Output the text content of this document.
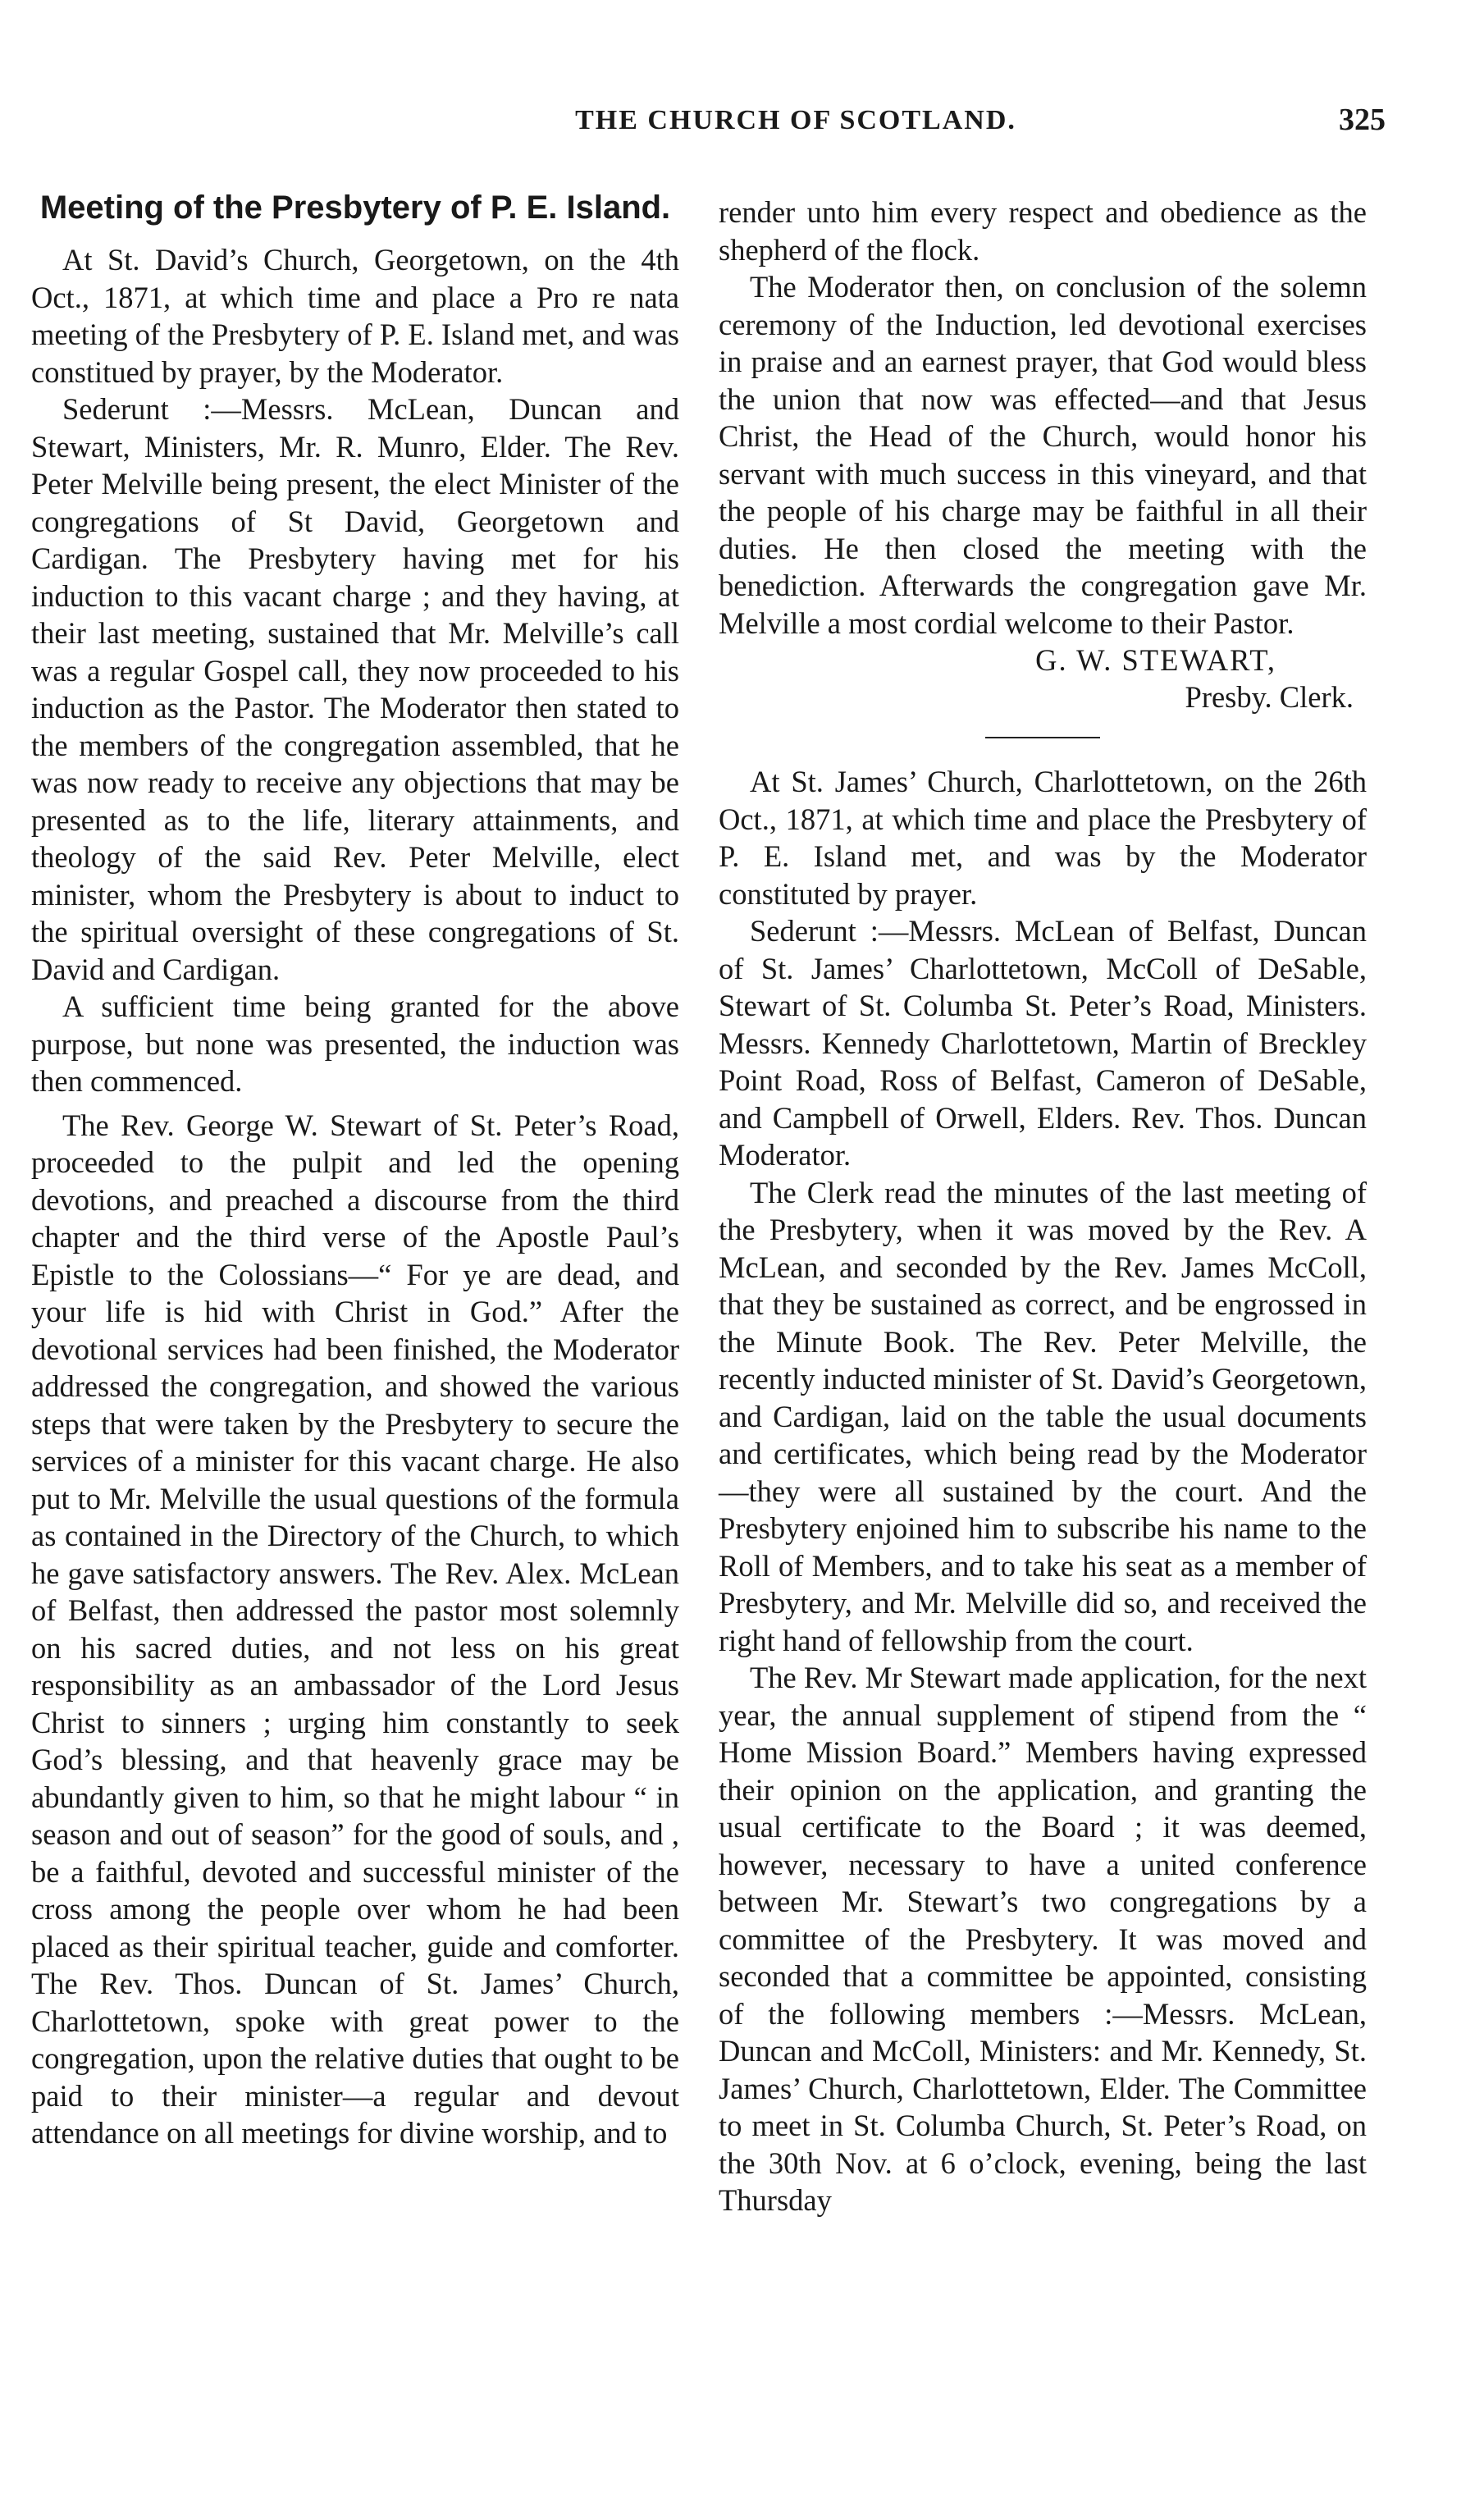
THE CHURCH OF SCOTLAND.	325
Meeting of the Presbytery of P. E. Island.

At St. David’s Church, Georgetown, on the 4th Oct., 1871, at which time and place a Pro re nata meeting of the Presbytery of P. E. Island met, and was constitued by prayer, by the Moderator.

Sederunt :—Messrs. McLean, Duncan and Stewart, Ministers, Mr. R. Munro, Elder. The Rev. Peter Melville being present, the elect Minister of the congregations of St David, Georgetown and Cardigan. The Presbytery having met for his induction to this vacant charge ; and they having, at their last meeting, sustained that Mr. Melville’s call was a regular Gospel call, they now proceeded to his induction as the Pastor. The Moderator then stated to the members of the congregation assembled, that he was now ready to receive any objections that may be presented as to the life, literary attainments, and theology of the said Rev. Peter Melville, elect minister, whom the Presbytery is about to induct to the spiritual oversight of these congregations of St. David and Cardigan.

A sufficient time being granted for the above purpose, but none was presented, the induction was then commenced.

The Rev. George W. Stewart of St. Peter’s Road, proceeded to the pulpit and led the opening devotions, and preached a discourse from the third chapter and the third verse of the Apostle Paul’s Epistle to the Colossians—“ For ye are dead, and your life is hid with Christ in God.” After the devotional services had been finished, the Moderator addressed the congregation, and showed the various steps that were taken by the Presbytery to secure the services of a minister for this vacant charge. He also put to Mr. Melville the usual questions of the formula as contained in the Directory of the Church, to which he gave satisfactory answers. The Rev. Alex. McLean of Belfast, then addressed the pastor most solemnly on his sacred duties, and not less on his great responsibility as an ambassador of the Lord Jesus Christ to sinners ; urging him constantly to seek God’s blessing, and that heavenly grace may be abundantly given to him, so that he might labour “ in season and out of season” for the good of souls, and , be a faithful, devoted and successful minister of the cross among the people over whom he had been placed as their spiritual teacher, guide and comforter. The Rev. Thos. Duncan of St. James’ Church, Charlottetown, spoke with great power to the congregation, upon the relative duties that ought to be paid to their minister—a regular and devout attendance on all meetings for divine worship, and to

render unto him every respect and obedience as the shepherd of the flock.

The Moderator then, on conclusion of the solemn ceremony of the Induction, led devotional exercises in praise and an earnest prayer, that God would bless the union that now was effected—and that Jesus Christ, the Head of the Church, would honor his servant with much success in this vineyard, and that the people of his charge may be faithful in all their duties. He then closed the meeting with the benediction. Afterwards the congregation gave Mr. Melville a most cordial welcome to their Pastor.

G. W. STEWART,
Presby. Clerk.

At St. James’ Church, Charlottetown, on the 26th Oct., 1871, at which time and place the Presbytery of P. E. Island met, and was by the Moderator constituted by prayer.

Sederunt :—Messrs. McLean of Belfast, Duncan of St. James’ Charlottetown, McColl of DeSable, Stewart of St. Columba St. Peter’s Road, Ministers. Messrs. Kennedy Charlottetown, Martin of Breckley Point Road, Ross of Belfast, Cameron of DeSable, and Campbell of Orwell, Elders. Rev. Thos. Duncan Moderator.

The Clerk read the minutes of the last meeting of the Presbytery, when it was moved by the Rev. A McLean, and seconded by the Rev. James McColl, that they be sustained as correct, and be engrossed in the Minute Book. The Rev. Peter Melville, the recently inducted minister of St. David’s Georgetown, and Cardigan, laid on the table the usual documents and certificates, which being read by the Moderator—they were all sustained by the court. And the Presbytery enjoined him to subscribe his name to the Roll of Members, and to take his seat as a member of Presbytery, and Mr. Melville did so, and received the right hand of fellowship from the court.

The Rev. Mr Stewart made application, for the next year, the annual supplement of stipend from the “ Home Mission Board.” Members having expressed their opinion on the application, and granting the usual certificate to the Board ; it was deemed, however, necessary to have a united conference between Mr. Stewart’s two congregations by a committee of the Presbytery. It was moved and seconded that a committee be appointed, consisting of the following members :—Messrs. McLean, Duncan and McColl, Ministers: and Mr. Kennedy, St. James’ Church, Charlottetown, Elder. The Committee to meet in St. Columba Church, St. Peter’s Road, on the 30th Nov. at 6 o’clock, evening, being the last Thursday
